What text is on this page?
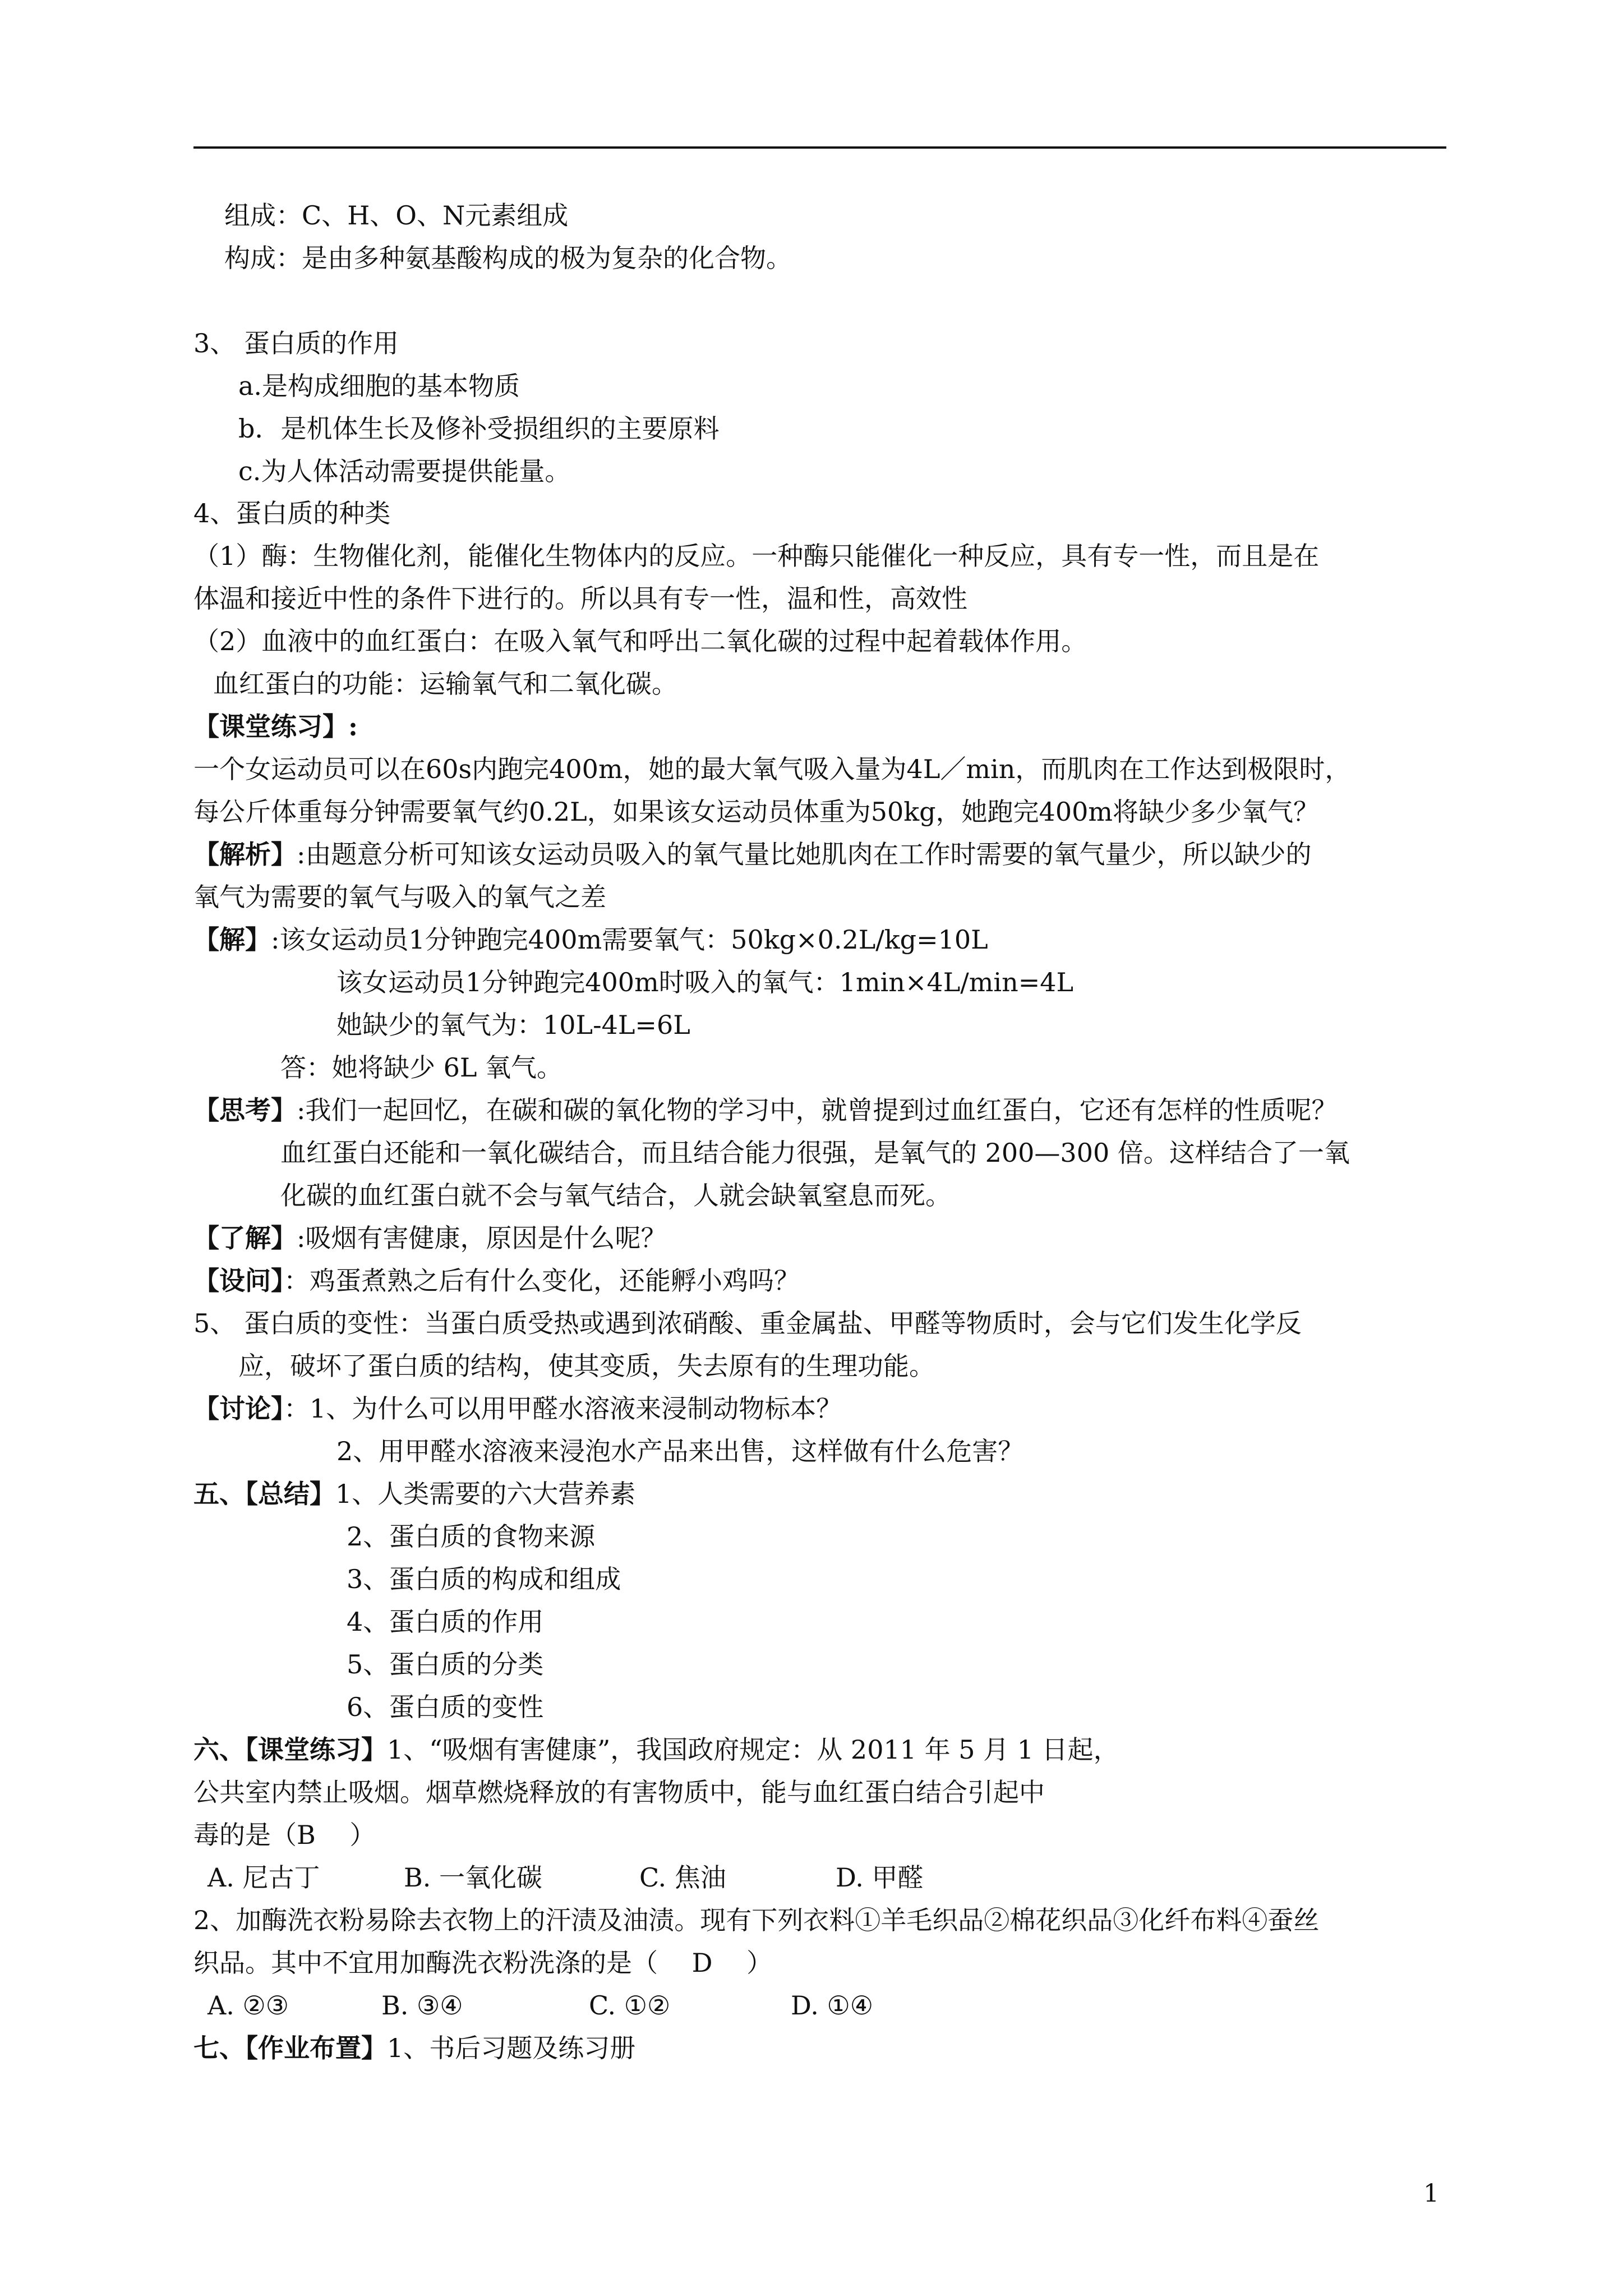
组成：C、H、O、N元素组成
构成：是由多种氨基酸构成的极为复杂的化合物。
3、 蛋白质的作用
a.是构成细胞的基本物质
b．是机体生长及修补受损组织的主要原料
c.为人体活动需要提供能量。
4、蛋白质的种类
（1）酶：生物催化剂，能催化生物体内的反应。一种酶只能催化一种反应，具有专一性，而且是在
体温和接近中性的条件下进行的。所以具有专一性，温和性，高效性
（2）血液中的血红蛋白：在吸入氧气和呼出二氧化碳的过程中起着载体作用。
血红蛋白的功能：运输氧气和二氧化碳。
【课堂练习】:
一个女运动员可以在60s内跑完400m，她的最大氧气吸入量为4L／min，而肌肉在工作达到极限时，
每公斤体重每分钟需要氧气约0.2L，如果该女运动员体重为50kg，她跑完400m将缺少多少氧气？
【解析】:由题意分析可知该女运动员吸入的氧气量比她肌肉在工作时需要的氧气量少，所以缺少的
氧气为需要的氧气与吸入的氧气之差
【解】:该女运动员1分钟跑完400m需要氧气：50kg×0.2L/kg=10L
该女运动员1分钟跑完400m时吸入的氧气：1min×4L/min=4L
她缺少的氧气为：10L-4L=6L
答：她将缺少 6L 氧气。
【思考】:我们一起回忆，在碳和碳的氧化物的学习中，就曾提到过血红蛋白，它还有怎样的性质呢？
血红蛋白还能和一氧化碳结合，而且结合能力很强，是氧气的 200—300 倍。这样结合了一氧
化碳的血红蛋白就不会与氧气结合，人就会缺氧窒息而死。
【了解】:吸烟有害健康，原因是什么呢？
【设问】：鸡蛋煮熟之后有什么变化，还能孵小鸡吗？
5、 蛋白质的变性：当蛋白质受热或遇到浓硝酸、重金属盐、甲醛等物质时，会与它们发生化学反
应，破坏了蛋白质的结构，使其变质，失去原有的生理功能。
【讨论】：1、为什么可以用甲醛水溶液来浸制动物标本？
2、用甲醛水溶液来浸泡水产品来出售，这样做有什么危害？
五、【总结】1、人类需要的六大营养素
2、蛋白质的食物来源
3、蛋白质的构成和组成
4、蛋白质的作用
5、蛋白质的分类
6、蛋白质的变性
六、【课堂练习】1、“吸烟有害健康”，我国政府规定：从 2011 年 5 月 1 日起，
公共室内禁止吸烟。烟草燃烧释放的有害物质中，能与血红蛋白结合引起中
毒的是（B　 ）
A. 尼古丁	B. 一氧化碳	C. 焦油	D. 甲醛
2、加酶洗衣粉易除去衣物上的汗渍及油渍。现有下列衣料①羊毛织品②棉花织品③化纤布料④蚕丝
织品。其中不宜用加酶洗衣粉洗涤的是（　 D　 ）
A. ②③	B. ③④	C. ①②	D. ①④
七、【作业布置】1、书后习题及练习册
1
